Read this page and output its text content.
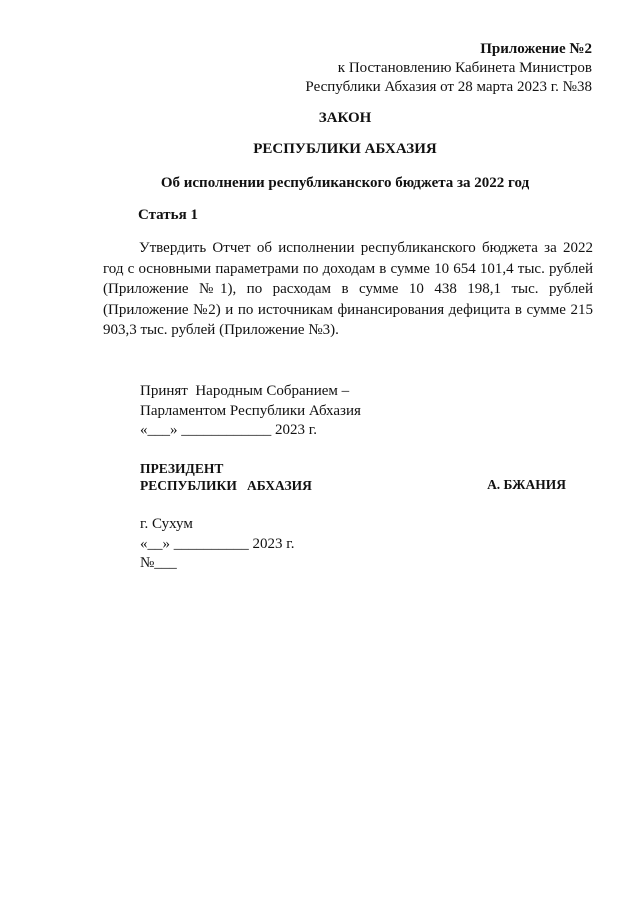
Приложение №2
к Постановлению Кабинета Министров
Республики Абхазия от 28 марта 2023 г. №38
ЗАКОН
РЕСПУБЛИКИ АБХАЗИЯ
Об исполнении республиканского бюджета за 2022 год
Статья 1
Утвердить Отчет об исполнении республиканского бюджета за 2022 год с основными параметрами по доходам в сумме 10 654 101,4 тыс. рублей (Приложение №1), по расходам в сумме 10 438 198,1 тыс. рублей (Приложение №2) и по источникам финансирования дефицита в сумме 215 903,3 тыс. рублей (Приложение №3).
Принят  Народным Собранием –
Парламентом Республики Абхазия
«___» ____________ 2023 г.
ПРЕЗИДЕНТ
РЕСПУБЛИКИ   АБХАЗИЯ	А. БЖАНИЯ
г. Сухум
«__» __________ 2023 г.
№___
